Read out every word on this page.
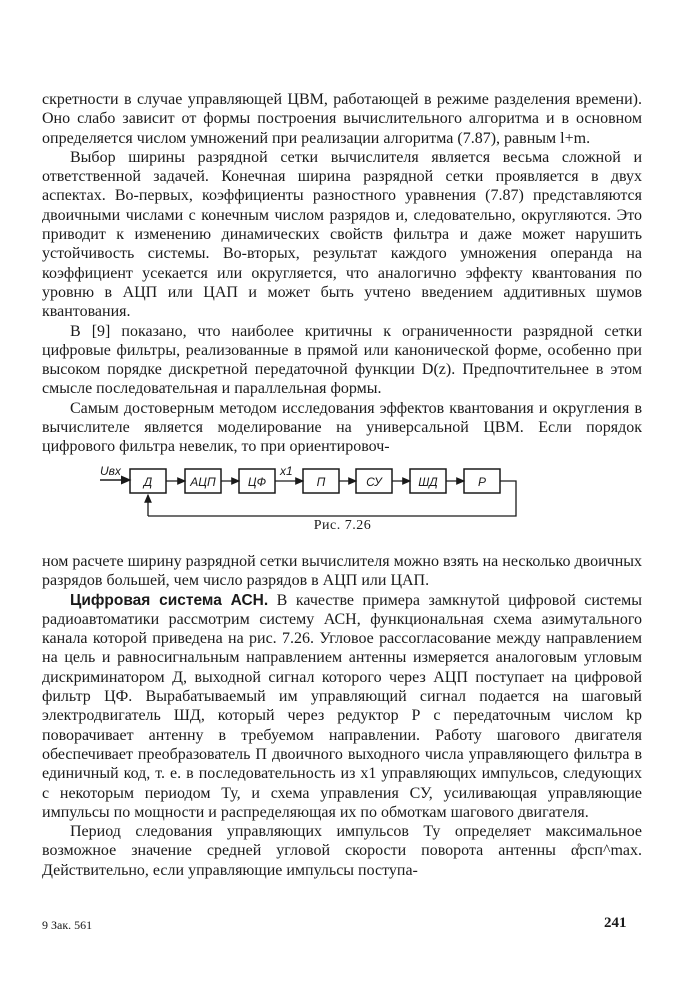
скретности в случае управляющей ЦВМ, работающей в режиме разделения времени). Оно слабо зависит от формы построения вычислительного алгоритма и в основном определяется числом умножений при реализации алгоритма (7.87), равным l+m.

Выбор ширины разрядной сетки вычислителя является весьма сложной и ответственной задачей. Конечная ширина разрядной сетки проявляется в двух аспектах. Во-первых, коэффициенты разностного уравнения (7.87) представляются двоичными числами с конечным числом разрядов и, следовательно, округляются. Это приводит к изменению динамических свойств фильтра и даже может нарушить устойчивость системы. Во-вторых, результат каждого умножения операнда на коэффициент усекается или округляется, что аналогично эффекту квантования по уровню в АЦП или ЦАП и может быть учтено введением аддитивных шумов квантования.

В [9] показано, что наиболее критичны к ограниченности разрядной сетки цифровые фильтры, реализованные в прямой или канонической форме, особенно при высоком порядке дискретной передаточной функции D(z). Предпочтительнее в этом смысле последовательная и параллельная формы.

Самым достоверным методом исследования эффектов квантования и округления в вычислителе является моделирование на универсальной ЦВМ. Если порядок цифрового фильтра невелик, то при ориентировоч-

Uвх
Д	АЦП	ЦФ
x1
П	СУ	ШД	Р
Рис. 7.26

ном расчете ширину разрядной сетки вычислителя можно взять на несколько двоичных разрядов большей, чем число разрядов в АЦП или ЦАП.

Цифровая система АСН. В качестве примера замкнутой цифровой системы радиоавтоматики рассмотрим систему АСН, функциональная схема азимутального канала которой приведена на рис. 7.26. Угловое рассогласование между направлением на цель и равносигнальным направлением антенны измеряется аналоговым угловым дискриминатором Д, выходной сигнал которого через АЦП поступает на цифровой фильтр ЦФ. Вырабатываемый им управляющий сигнал подается на шаговый электродвигатель ШД, который через редуктор Р с передаточным числом kр поворачивает антенну в требуемом направлении. Работу шагового двигателя обеспечивает преобразователь П двоичного выходного числа управляющего фильтра в единичный код, т. е. в последовательность из x1 управляющих импульсов, следующих с некоторым периодом Ту, и схема управления СУ, усиливающая управляющие импульсы по мощности и распределяющая их по обмоткам шагового двигателя.

Период следования управляющих импульсов Ту определяет максимальное возможное значение средней угловой скорости поворота антенны α̊рсп^max. Действительно, если управляющие импульсы поступа-

9 Зак. 561	241
